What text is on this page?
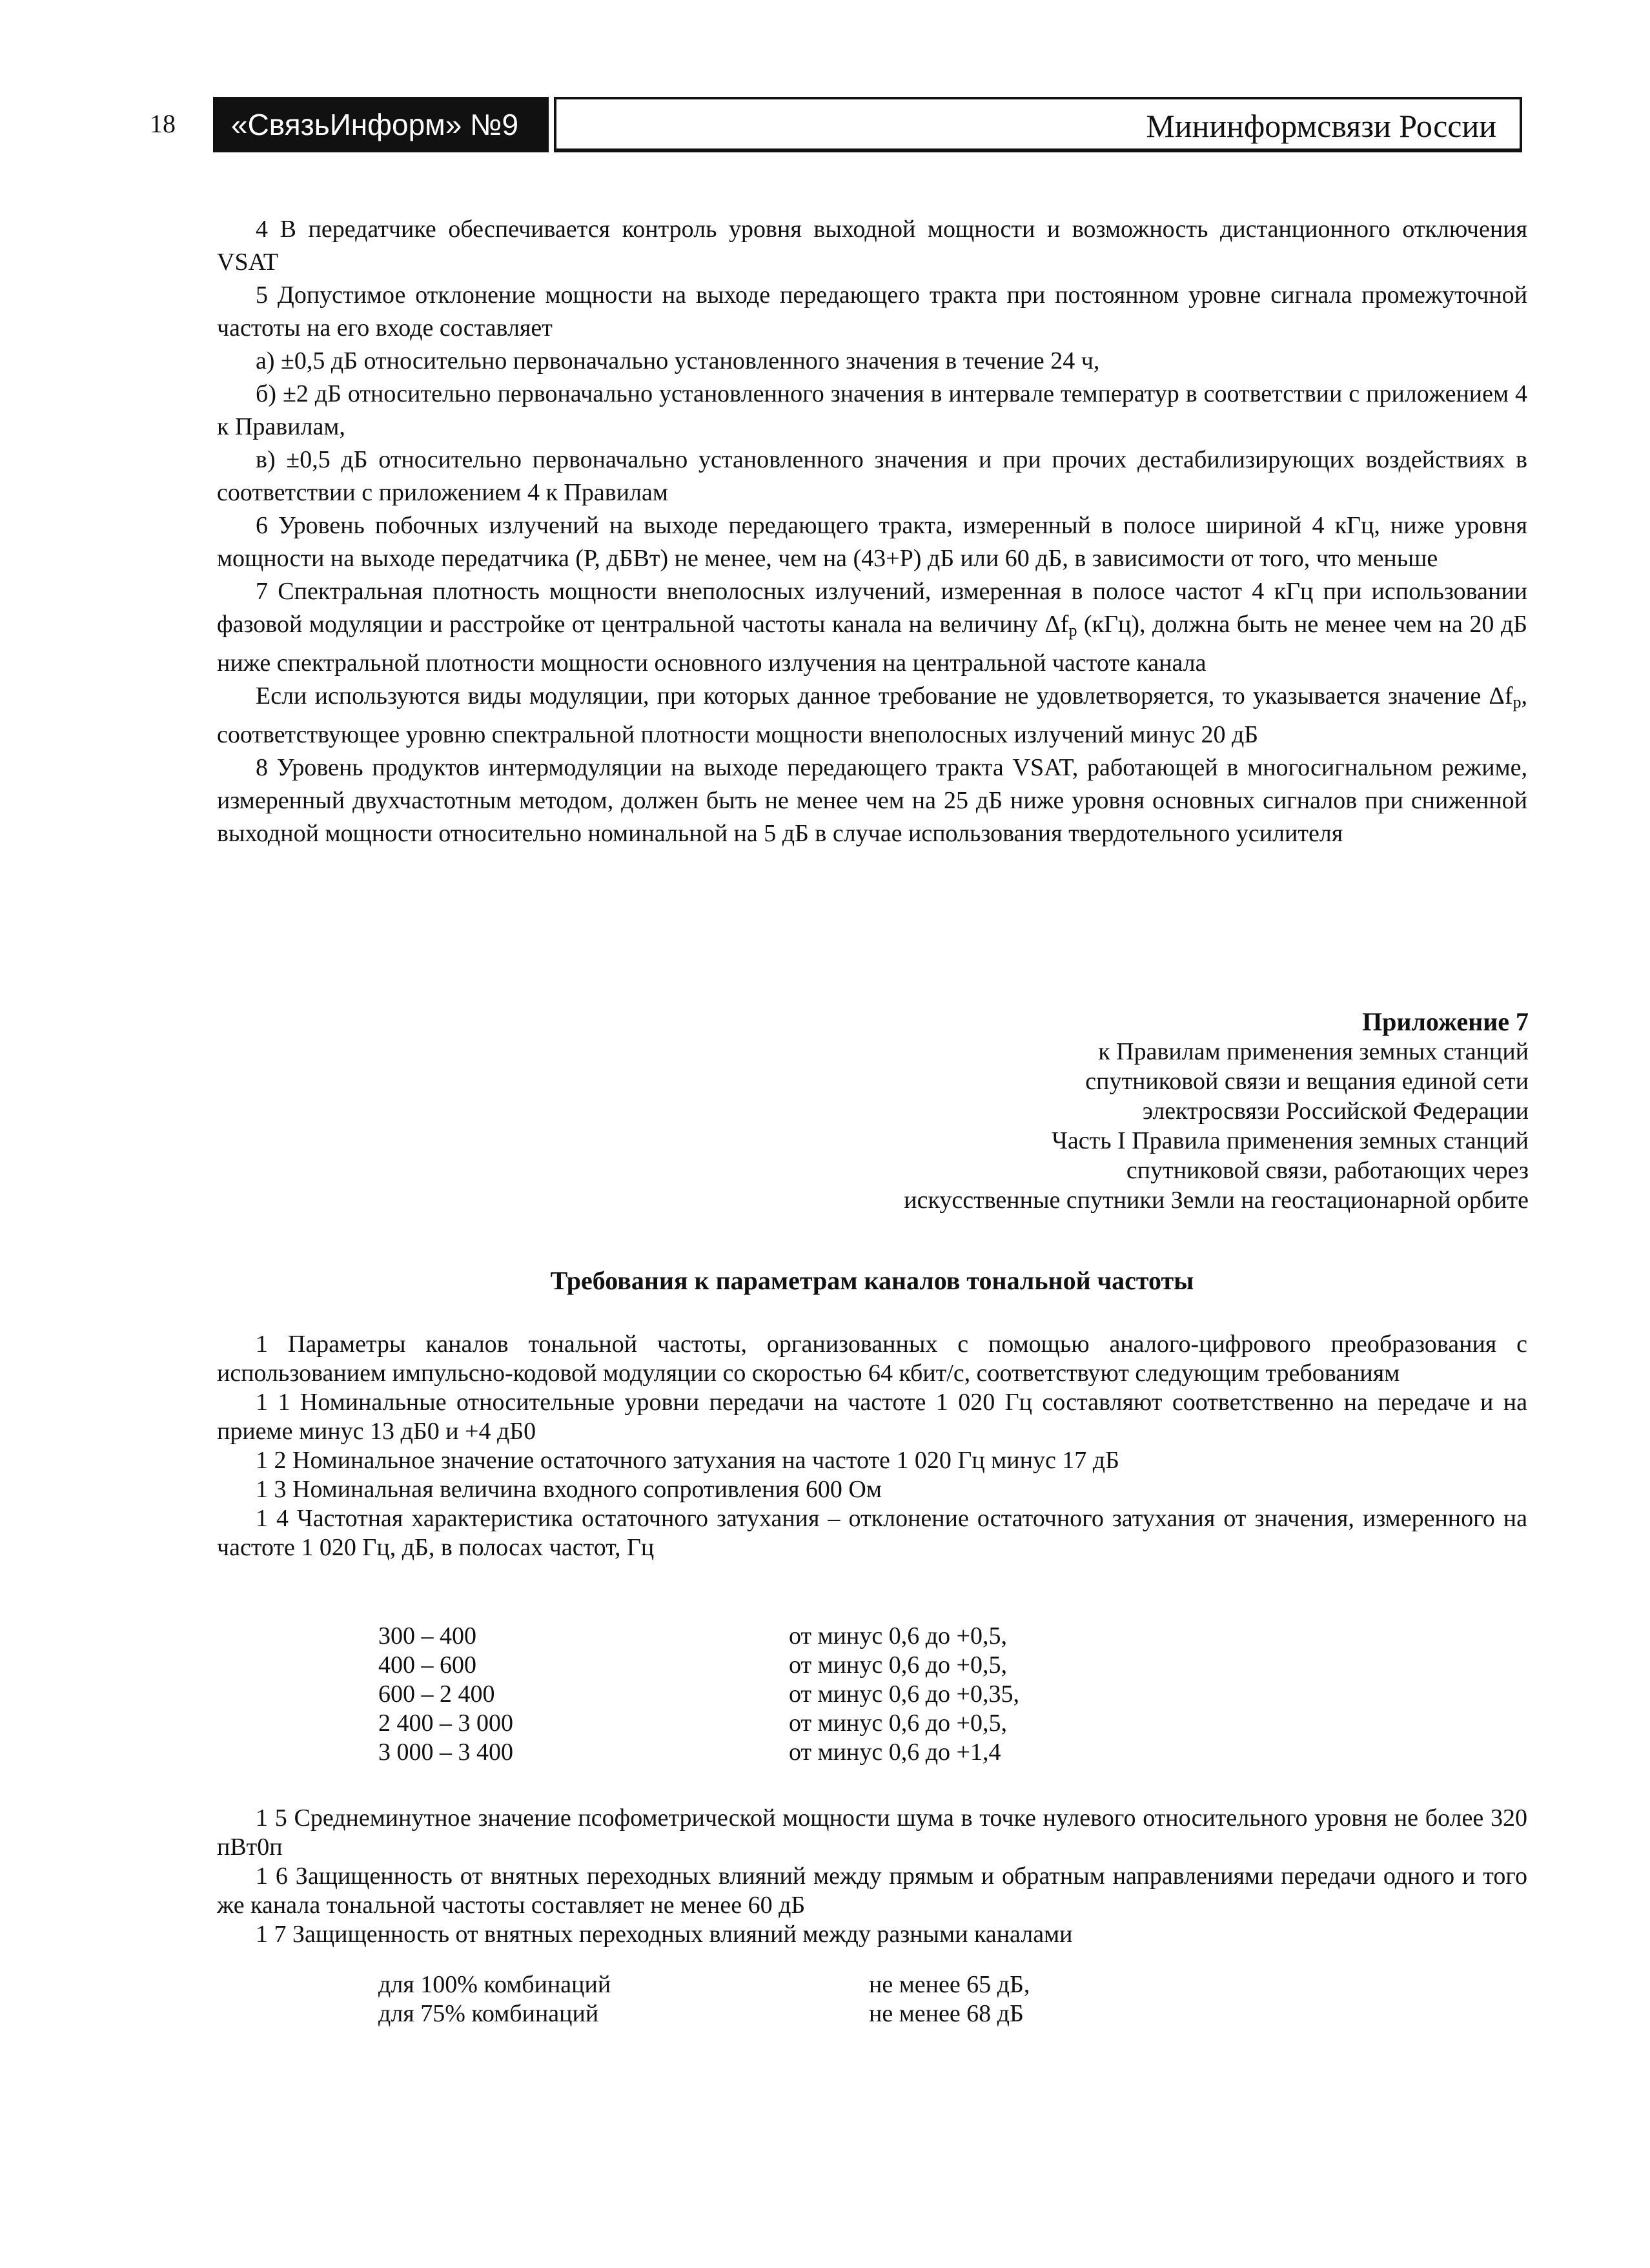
18	«СвязьИнформ» №9	Мининформсвязи России

4 В передатчике обеспечивается контроль уровня выходной мощности и возможность дистанционного отключения VSAT

5 Допустимое отклонение мощности на выходе передающего тракта при постоянном уровне сигнала промежуточной частоты на его входе составляет

а) ±0,5 дБ относительно первоначально установленного значения в течение 24 ч,

б) ±2 дБ относительно первоначально установленного значения в интервале температур в соответствии с приложением 4 к Правилам,

в) ±0,5 дБ относительно первоначально установленного значения и при прочих дестабилизирующих воздействиях в соответствии с приложением 4 к Правилам

6 Уровень побочных излучений на выходе передающего тракта, измеренный в полосе шириной 4 кГц, ниже уровня мощности на выходе передатчика (Р, дБВт) не менее, чем на (43+Р) дБ или 60 дБ, в зависимости от того, что меньше

7 Спектральная плотность мощности внеполосных излучений, измеренная в полосе частот 4 кГц при использовании фазовой модуляции и расстройке от центральной частоты канала на величину $\Delta f_р$ (кГц), должна быть не менее чем на 20 дБ ниже спектральной плотности мощности основного излучения на центральной частоте канала

Если используются виды модуляции, при которых данное требование не удовлетворяется, то указывается значение $\Delta f_р$, соответствующее уровню спектральной плотности мощности внеполосных излучений минус 20 дБ

8 Уровень продуктов интермодуляции на выходе передающего тракта VSAT, работающей в многосигнальном режиме, измеренный двухчастотным методом, должен быть не менее чем на 25 дБ ниже уровня основных сигналов при сниженной выходной мощности относительно номинальной на 5 дБ в случае использования твердотельного усилителя

Приложение 7
к Правилам применения земных станций
спутниковой связи и вещания единой сети
электросвязи Российской Федерации
Часть I Правила применения земных станций
спутниковой связи, работающих через
искусственные спутники Земли на геостационарной орбите
Требования к параметрам каналов тональной частоты

1 Параметры каналов тональной частоты, организованных с помощью аналого-цифрового преобразования с использованием импульсно-кодовой модуляции со скоростью 64 кбит/с, соответствуют следующим требованиям

1 1 Номинальные относительные уровни передачи на частоте 1 020 Гц составляют соответственно на передаче и на приеме минус 13 дБ0 и +4 дБ0

1 2 Номинальное значение остаточного затухания на частоте 1 020 Гц минус 17 дБ

1 3 Номинальная величина входного сопротивления 600 Ом

1 4 Частотная характеристика остаточного затухания – отклонение остаточного затухания от значения, измеренного на частоте 1 020 Гц, дБ, в полосах частот, Гц

300 – 400	от минус 0,6 до +0,5,
400 – 600	от минус 0,6 до +0,5,
600 – 2 400	от минус 0,6 до +0,35,
2 400 – 3 000	от минус 0,6 до +0,5,
3 000 – 3 400	от минус 0,6 до +1,4

1 5 Среднеминутное значение псофометрической мощности шума в точке нулевого относительного уровня не более 320 пВт0п

1 6 Защищенность от внятных переходных влияний между прямым и обратным направлениями передачи одного и того же канала тональной частоты составляет не менее 60 дБ

1 7 Защищенность от внятных переходных влияний между разными каналами

для 100% комбинаций	не менее 65 дБ,
для 75% комбинаций	не менее 68 дБ
